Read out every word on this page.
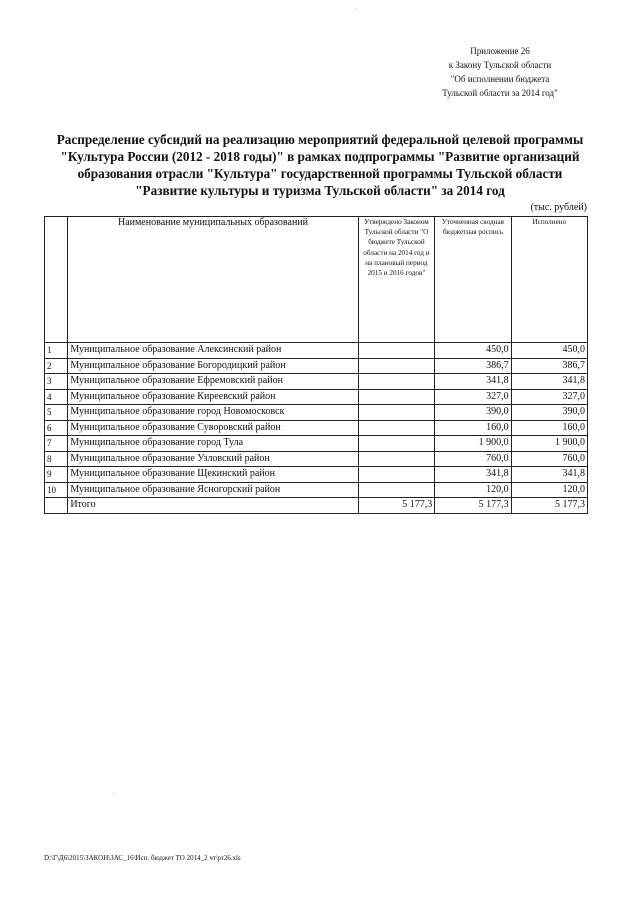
Приложение 26
к Закону Тульской области
"Об исполнении бюджета
Тульской области за 2014 год"
Распределение субсидий на реализацию мероприятий федеральной целевой программы
"Культура России (2012 - 2018 годы)" в рамках подпрограммы "Развитие организаций
образования отрасли "Культура" государственной программы Тульской области
"Развитие культуры и туризма Тульской области" за 2014 год
(тыс. рублей)
	Наименование муниципальных образований	Утверждено Законом Тульской области "О бюджете Тульской области на 2014 год и на плановый период 2015 и 2016 годов"	Уточненная сводная бюджетная роспись	Исполнено
1	Муниципальное образование Алексинский район		450,0	450,0
2	Муниципальное образование Богородицкий район		386,7	386,7
3	Муниципальное образование Ефремовский район		341,8	341,8
4	Муниципальное образование Киреевский район		327,0	327,0
5	Муниципальное образование город Новомосковск		390,0	390,0
6	Муниципальное образование Суворовский район		160,0	160,0
7	Муниципальное образование город Тула		1 900,0	1 900,0
8	Муниципальное образование Узловский район		760,0	760,0
9	Муниципальное образование Щекинский район		341,8	341,8
10	Муниципальное образование Ясногорский район		120,0	120,0
	Итого	5 177,3	5 177,3	5 177,3
D:\Г\Д6\2015\ЗАКОН\ЗАС_16\Исп. бюджет ТО 2014_2 чт\рr26.xls
·
·
